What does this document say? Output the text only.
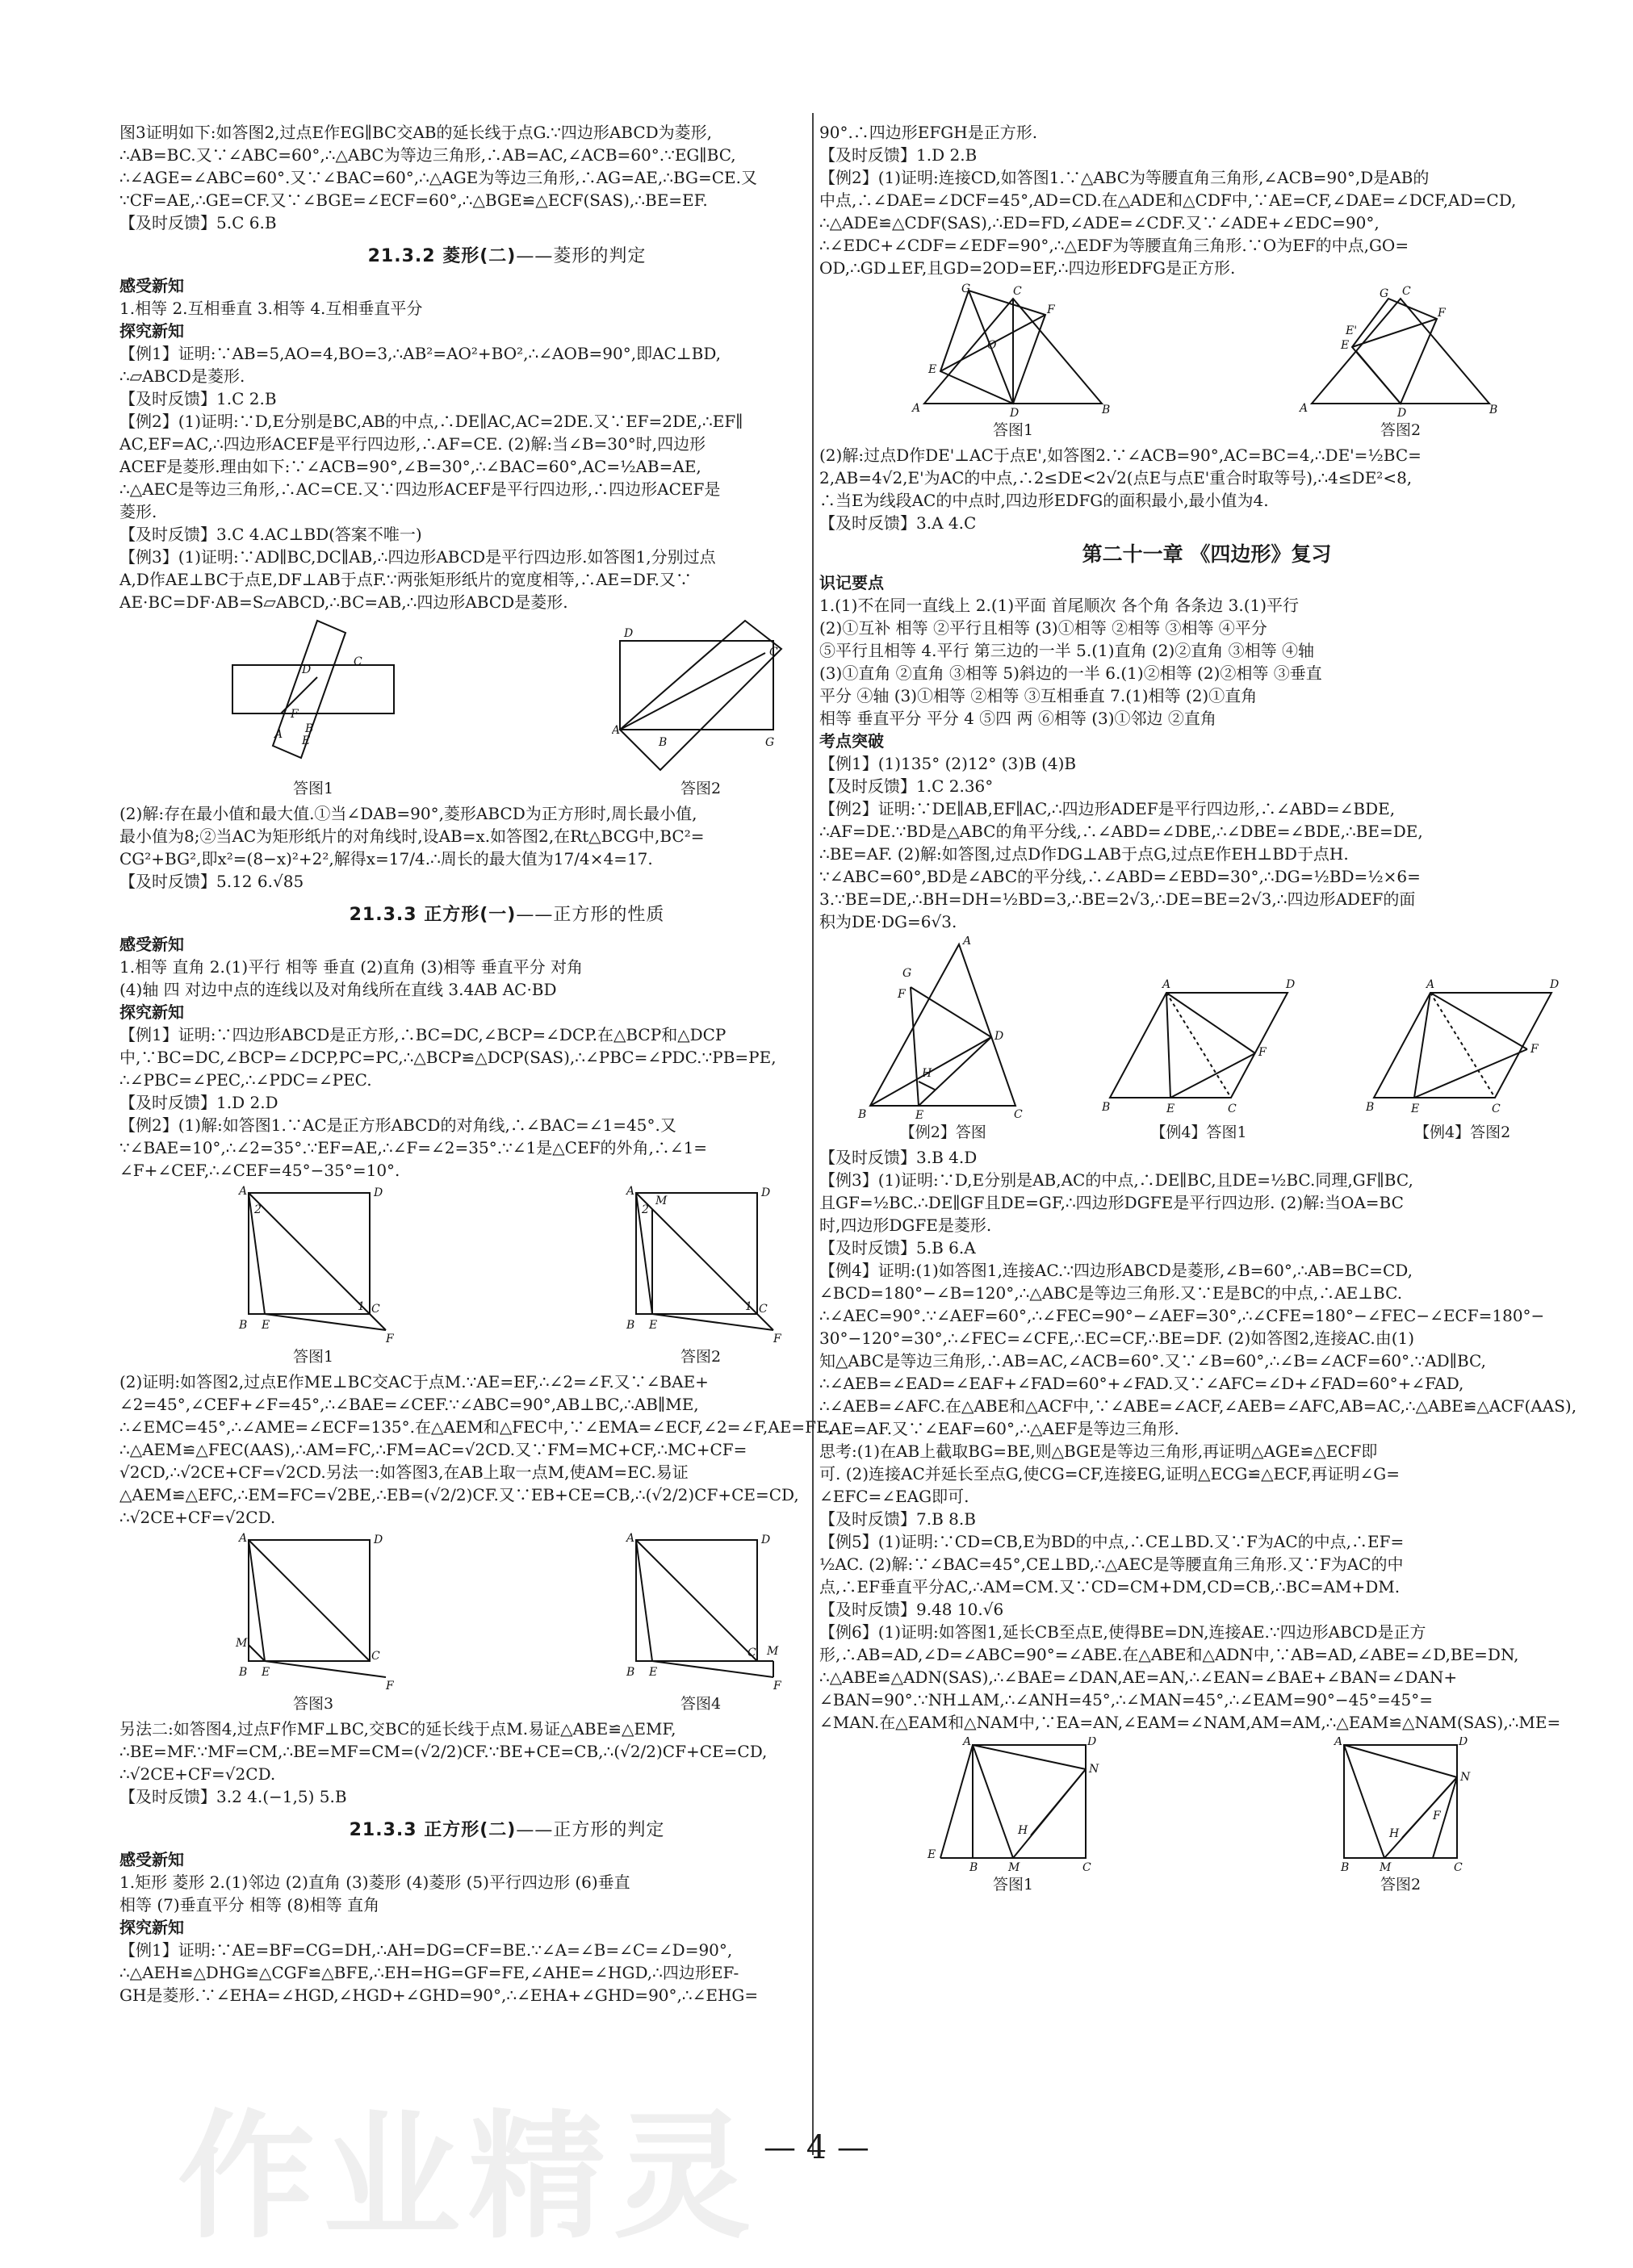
图3证明如下:如答图2,过点E作EG∥BC交AB的延长线于点G.∵四边形ABCD为菱形,
∴AB=BC.又∵∠ABC=60°,∴△ABC为等边三角形,∴AB=AC,∠ACB=60°.∵EG∥BC,
∴∠AGE=∠ABC=60°.又∵∠BAC=60°,∴△AGE为等边三角形,∴AG=AE,∴BG=CE.又
∵CF=AE,∴GE=CF.又∵∠BGE=∠ECF=60°,∴△BGE≌△ECF(SAS),∴BE=EF.
【及时反馈】5.C 6.B
21.3.2 菱形(二)——菱形的判定
感受新知
1.相等 2.互相垂直 3.相等 4.互相垂直平分
探究新知
【例1】证明:∵AB=5,AO=4,BO=3,∴AB²=AO²+BO²,∴∠AOB=90°,即AC⊥BD,
∴▱ABCD是菱形.
【及时反馈】1.C 2.B
【例2】(1)证明:∵D,E分别是BC,AB的中点,∴DE∥AC,AC=2DE.又∵EF=2DE,∴EF∥
AC,EF=AC,∴四边形ACEF是平行四边形,∴AF=CE. (2)解:当∠B=30°时,四边形
ACEF是菱形.理由如下:∵∠ACB=90°,∠B=30°,∴∠BAC=60°,AC=½AB=AE,
∴△AEC是等边三角形,∴AC=CE.又∵四边形ACEF是平行四边形,∴四边形ACEF是
菱形.
【及时反馈】3.C 4.AC⊥BD(答案不唯一)
【例3】(1)证明:∵AD∥BC,DC∥AB,∴四边形ABCD是平行四边形.如答图1,分别过点
A,D作AE⊥BC于点E,DF⊥AB于点F.∵两张矩形纸片的宽度相等,∴AE=DF.又∵
AE·BC=DF·AB=S▱ABCD,∴BC=AB,∴四边形ABCD是菱形.
A B
C
D
E
F
答图1
A
B
C
D
G
答图2
(2)解:存在最小值和最大值.①当∠DAB=90°,菱形ABCD为正方形时,周长最小值,
最小值为8;②当AC为矩形纸片的对角线时,设AB=x.如答图2,在Rt△BCG中,BC²=
CG²+BG²,即x²=(8−x)²+2²,解得x=17/4.∴周长的最大值为17/4×4=17.
【及时反馈】5.12 6.√85
21.3.3 正方形(一)——正方形的性质
感受新知
1.相等 直角 2.(1)平行 相等 垂直 (2)直角 (3)相等 垂直平分 对角
(4)轴 四 对边中点的连线以及对角线所在直线 3.4AB AC·BD
探究新知
【例1】证明:∵四边形ABCD是正方形,∴BC=DC,∠BCP=∠DCP.在△BCP和△DCP
中,∵BC=DC,∠BCP=∠DCP,PC=PC,∴△BCP≌△DCP(SAS),∴∠PBC=∠PDC.∵PB=PE,
∴∠PBC=∠PEC,∴∠PDC=∠PEC.
【及时反馈】1.D 2.D
【例2】(1)解:如答图1.∵AC是正方形ABCD的对角线,∴∠BAC=∠1=45°.又
∵∠BAE=10°,∴∠2=35°.∵EF=AE,∴∠F=∠2=35°.∵∠1是△CEF的外角,∴∠1=
∠F+∠CEF,∴∠CEF=45°−35°=10°.
A	D
B E
C
F
2
1
答图1
A
M
D
B E
C
F
2
1
答图2
(2)证明:如答图2,过点E作ME⊥BC交AC于点M.∵AE=EF,∴∠2=∠F.又∵∠BAE+
∠2=45°,∠CEF+∠F=45°,∴∠BAE=∠CEF.∵∠ABC=90°,AB⊥BC,∴AB∥ME,
∴∠EMC=45°,∴∠AME=∠ECF=135°.在△AEM和△FEC中,∵∠EMA=∠ECF,∠2=∠F,AE=FE,
∴△AEM≌△FEC(AAS),∴AM=FC,∴FM=AC=√2CD.又∵FM=MC+CF,∴MC+CF=
√2CD,∴√2CE+CF=√2CD.另法一:如答图3,在AB上取一点M,使AM=EC.易证
△AEM≌△EFC,∴EM=FC=√2BE,∴EB=(√2/2)CF.又∵EB+CE=CB,∴(√2/2)CF+CE=CD,
∴√2CE+CF=√2CD.
A	D
B E
C
F
M
答图3
A	D
B E
C
F
M
答图4
另法二:如答图4,过点F作MF⊥BC,交BC的延长线于点M.易证△ABE≌△EMF,
∴BE=MF.∵MF=CM,∴BE=MF=CM=(√2/2)CF.∵BE+CE=CB,∴(√2/2)CF+CE=CD,
∴√2CE+CF=√2CD.
【及时反馈】3.2 4.(−1,5) 5.B
21.3.3 正方形(二)——正方形的判定
感受新知
1.矩形 菱形 2.(1)邻边 (2)直角 (3)菱形 (4)菱形 (5)平行四边形 (6)垂直
相等 (7)垂直平分 相等 (8)相等 直角
探究新知
【例1】证明:∵AE=BF=CG=DH,∴AH=DG=CF=BE.∵∠A=∠B=∠C=∠D=90°,
∴△AEH≌△DHG≌△CGF≌△BFE,∴EH=HG=GF=FE,∠AHE=∠HGD,∴四边形EF-
GH是菱形.∵∠EHA=∠HGD,∠HGD+∠GHD=90°,∴∠EHA+∠GHD=90°,∴∠EHG=
90°.∴四边形EFGH是正方形.
【及时反馈】1.D 2.B
【例2】(1)证明:连接CD,如答图1.∵△ABC为等腰直角三角形,∠ACB=90°,D是AB的
中点,∴∠DAE=∠DCF=45°,AD=CD.在△ADE和△CDF中,∵AE=CF,∠DAE=∠DCF,AD=CD,
∴△ADE≌△CDF(SAS),∴ED=FD,∠ADE=∠CDF.又∵∠ADE+∠EDC=90°,
∴∠EDC+∠CDF=∠EDF=90°,∴△EDF为等腰直角三角形.∵O为EF的中点,GO=
OD,∴GD⊥EF,且GD=2OD=EF,∴四边形EDFG是正方形.
A	B
C
D
E
F
G
O
答图1
A	B
C
D
E
F
G
E'
答图2
(2)解:过点D作DE'⊥AC于点E',如答图2.∵∠ACB=90°,AC=BC=4,∴DE'=½BC=
2,AB=4√2,E'为AC的中点,∴2≤DE<2√2(点E与点E'重合时取等号),∴4≤DE²<8,
∴当E为线段AC的中点时,四边形EDFG的面积最小,最小值为4.
【及时反馈】3.A 4.C
第二十一章 《四边形》复习
识记要点
1.(1)不在同一直线上 2.(1)平面 首尾顺次 各个角 各条边 3.(1)平行
(2)①互补 相等 ②平行且相等 (3)①相等 ②相等 ③相等 ④平分
⑤平行且相等 4.平行 第三边的一半 5.(1)直角 (2)②直角 ③相等 ④轴
(3)①直角 ②直角 ③相等 5)斜边的一半 6.(1)②相等 (2)②相等 ③垂直
平分 ④轴 (3)①相等 ②相等 ③互相垂直 7.(1)相等 (2)①直角
相等 垂直平分 平分 4 ⑤四 两 ⑥相等 (3)①邻边 ②直角
考点突破
【例1】(1)135° (2)12° (3)B (4)B
【及时反馈】1.C 2.36°
【例2】证明:∵DE∥AB,EF∥AC,∴四边形ADEF是平行四边形,∴∠ABD=∠BDE,
∴AF=DE.∵BD是△ABC的角平分线,∴∠ABD=∠DBE,∴∠DBE=∠BDE,∴BE=DE,
∴BE=AF. (2)解:如答图,过点D作DG⊥AB于点G,过点E作EH⊥BD于点H.
∵∠ABC=60°,BD是∠ABC的平分线,∴∠ABD=∠EBD=30°,∴DG=½BD=½×6=
3.∵BE=DE,∴BH=DH=½BD=3,∴BE=2√3,∴DE=BE=2√3,∴四边形ADEF的面
积为DE·DG=6√3.
A
B	C
D
E
F
G
H
【例2】答图
A	D
B	E	C
F
【例4】答图1
A	D
B	E	C
F
【例4】答图2
【及时反馈】3.B 4.D
【例3】(1)证明:∵D,E分别是AB,AC的中点,∴DE∥BC,且DE=½BC.同理,GF∥BC,
且GF=½BC.∴DE∥GF且DE=GF,∴四边形DGFE是平行四边形. (2)解:当OA=BC
时,四边形DGFE是菱形.
【及时反馈】5.B 6.A
【例4】证明:(1)如答图1,连接AC.∵四边形ABCD是菱形,∠B=60°,∴AB=BC=CD,
∠BCD=180°−∠B=120°,∴△ABC是等边三角形.又∵E是BC的中点,∴AE⊥BC.
∴∠AEC=90°.∵∠AEF=60°,∴∠FEC=90°−∠AEF=30°,∴∠CFE=180°−∠FEC−∠ECF=180°−
30°−120°=30°,∴∠FEC=∠CFE,∴EC=CF,∴BE=DF. (2)如答图2,连接AC.由(1)
知△ABC是等边三角形,∴AB=AC,∠ACB=60°.又∵∠B=60°,∴∠B=∠ACF=60°.∵AD∥BC,
∴∠AEB=∠EAD=∠EAF+∠FAD=60°+∠FAD.又∵∠AFC=∠D+∠FAD=60°+∠FAD,
∴∠AEB=∠AFC.在△ABE和△ACF中,∵∠ABE=∠ACF,∠AEB=∠AFC,AB=AC,∴△ABE≌△ACF(AAS),
∴AE=AF.又∵∠EAF=60°,∴△AEF是等边三角形.
思考:(1)在AB上截取BG=BE,则△BGE是等边三角形,再证明△AGE≌△ECF即
可. (2)连接AC并延长至点G,使CG=CF,连接EG,证明△ECG≌△ECF,再证明∠G=
∠EFC=∠EAG即可.
【及时反馈】7.B 8.B
【例5】(1)证明:∵CD=CB,E为BD的中点,∴CE⊥BD.又∵F为AC的中点,∴EF=
½AC. (2)解:∵∠BAC=45°,CE⊥BD,∴△AEC是等腰直角三角形.又∵F为AC的中
点,∴EF垂直平分AC,∴AM=CM.又∵CD=CM+DM,CD=CB,∴BC=AM+DM.
【及时反馈】9.48 10.√6
【例6】(1)证明:如答图1,延长CB至点E,使得BE=DN,连接AE.∵四边形ABCD是正方
形,∴AB=AD,∠D=∠ABC=90°=∠ABE.在△ABE和△ADN中,∵AB=AD,∠ABE=∠D,BE=DN,
∴△ABE≌△ADN(SAS),∴∠BAE=∠DAN,AE=AN,∴∠EAN=∠BAE+∠BAN=∠DAN+
∠BAN=90°.∵NH⊥AM,∴∠ANH=45°,∴∠MAN=45°,∴∠EAM=90°−45°=45°=
∠MAN.在△EAM和△NAM中,∵EA=AN,∠EAM=∠NAM,AM=AM,∴△EAM≌△NAM(SAS),∴ME=
A	D
E
B	M	C
N
H
答图1
A	D
B	M	C
N
H
F
答图2
作业精灵 — 4 —
